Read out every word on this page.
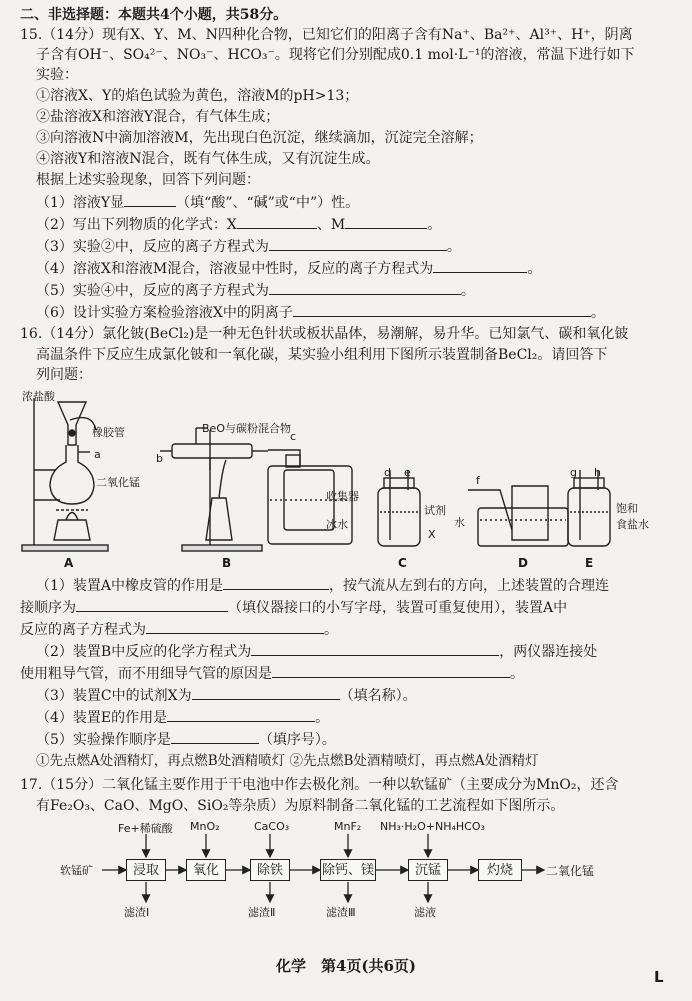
二、非选择题：本题共4个小题，共58分。
15.（14分）现有X、Y、M、N四种化合物，已知它们的阳离子含有Na⁺、Ba²⁺、Al³⁺、H⁺，阴离
子含有OH⁻、SO₄²⁻、NO₃⁻、HCO₃⁻。现将它们分别配成0.1 mol·L⁻¹的溶液，常温下进行如下
实验：
①溶液X、Y的焰色试验为黄色，溶液M的pH>13；
②盐溶液X和溶液Y混合，有气体生成；
③向溶液N中滴加溶液M，先出现白色沉淀，继续滴加，沉淀完全溶解；
④溶液Y和溶液N混合，既有气体生成，又有沉淀生成。
根据上述实验现象，回答下列问题：
（1）溶液Y显	（填“酸”、“碱”或“中”）性。
（2）写出下列物质的化学式：X	、M	。
（3）实验②中，反应的离子方程式为	。
（4）溶液X和溶液M混合，溶液显中性时，反应的离子方程式为	。
（5）实验④中，反应的离子方程式为	。
（6）设计实验方案检验溶液X中的阴离子	。
16.（14分）氯化铍(BeCl₂)是一种无色针状或板状晶体，易潮解，易升华。已知氯气、碳和氧化铍
高温条件下反应生成氯化铍和一氧化碳，某实验小组利用下图所示装置制备BeCl₂。请回答下
列问题：
浓盐酸
橡胶管
a
二氧化锰
BeO与碳粉混合物
b
c
收集器
冰水
d e
试剂
X
f
水
g h
饱和
食盐水
A	B	C	D	E
（1）装置A中橡皮管的作用是	，按气流从左到右的方向，上述装置的合理连
接顺序为	（填仪器接口的小写字母，装置可重复使用），装置A中
反应的离子方程式为	。
（2）装置B中反应的化学方程式为	，两仪器连接处
使用粗导气管，而不用细导气管的原因是	。
（3）装置C中的试剂X为	（填名称）。
（4）装置E的作用是	。
（5）实验操作顺序是	（填序号）。
①先点燃A处酒精灯，再点燃B处酒精喷灯 ②先点燃B处酒精喷灯，再点燃A处酒精灯
17.（15分）二氧化锰主要作用于干电池中作去极化剂。一种以软锰矿（主要成分为MnO₂，还含
有Fe₂O₃、CaO、MgO、SiO₂等杂质）为原料制备二氧化锰的工艺流程如下图所示。
软锰矿	浸取	氧化	除铁	除钙、镁	沉锰	灼烧	二氧化锰
Fe+稀硫酸 MnO₂	CaCO₃	MnF₂ NH₃·H₂O+NH₄HCO₃
滤渣Ⅰ	滤渣Ⅱ	滤渣Ⅲ	滤液
化学　第4页(共6页)
L
